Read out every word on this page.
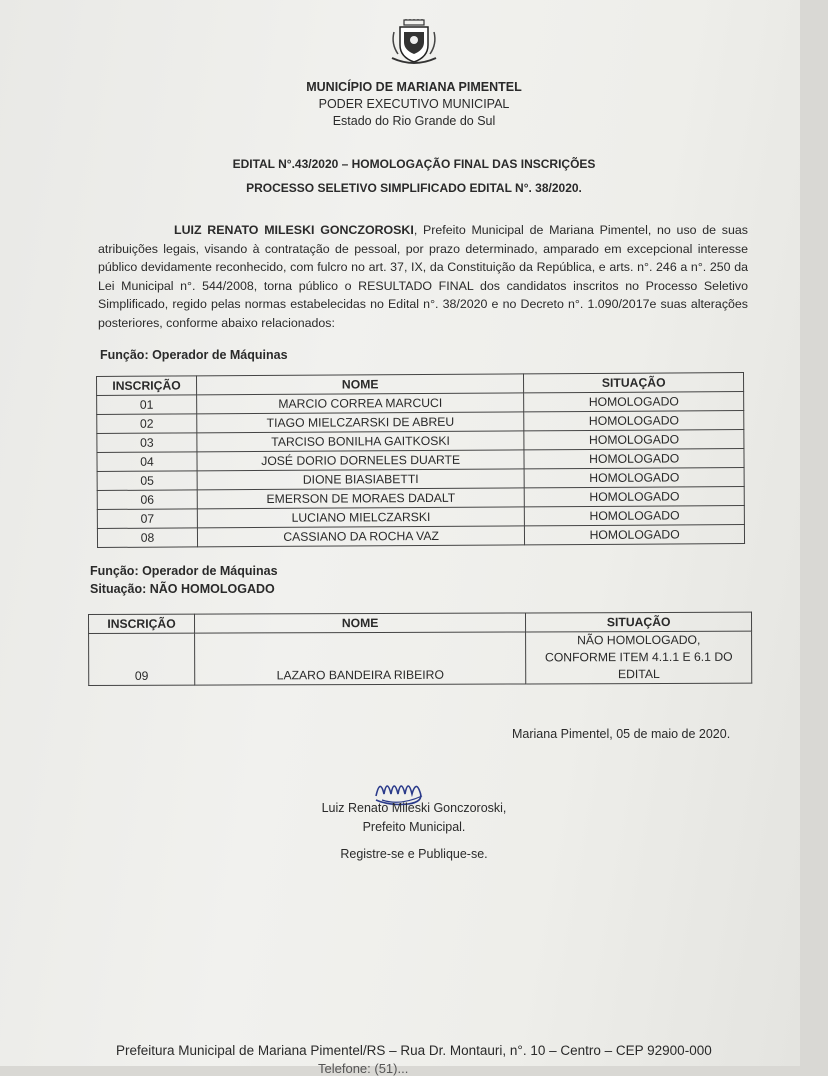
MUNICÍPIO DE MARIANA PIMENTEL
PODER EXECUTIVO MUNICIPAL
Estado do Rio Grande do Sul
EDITAL N°.43/2020 – HOMOLOGAÇÃO FINAL DAS INSCRIÇÕES
PROCESSO SELETIVO SIMPLIFICADO EDITAL N°. 38/2020.
LUIZ RENATO MILESKI GONCZOROSKI, Prefeito Municipal de Mariana Pimentel, no uso de suas atribuições legais, visando à contratação de pessoal, por prazo determinado, amparado em excepcional interesse público devidamente reconhecido, com fulcro no art. 37, IX, da Constituição da República, e arts. n°. 246 a n°. 250 da Lei Municipal n°. 544/2008, torna público o RESULTADO FINAL dos candidatos inscritos no Processo Seletivo Simplificado, regido pelas normas estabelecidas no Edital n°. 38/2020 e no Decreto n°. 1.090/2017e suas alterações posteriores, conforme abaixo relacionados:
Função: Operador de Máquinas
INSCRIÇÃO	NOME	SITUAÇÃO
01	MARCIO CORREA MARCUCI	HOMOLOGADO
02	TIAGO MIELCZARSKI DE ABREU	HOMOLOGADO
03	TARCISO BONILHA GAITKOSKI	HOMOLOGADO
04	JOSÉ DORIO DORNELES DUARTE	HOMOLOGADO
05	DIONE BIASIABETTI	HOMOLOGADO
06	EMERSON DE MORAES DADALT	HOMOLOGADO
07	LUCIANO MIELCZARSKI	HOMOLOGADO
08	CASSIANO DA ROCHA VAZ	HOMOLOGADO
Função: Operador de Máquinas
Situação: NÃO HOMOLOGADO
INSCRIÇÃO	NOME	SITUAÇÃO
09	LAZARO BANDEIRA RIBEIRO	NÃO HOMOLOGADO,
CONFORME ITEM 4.1.1 E 6.1 DO
EDITAL
Mariana Pimentel, 05 de maio de 2020.
Luiz Renato Mileski Gonczoroski,
Prefeito Municipal.
Registre-se e Publique-se.
Prefeitura Municipal de Mariana Pimentel/RS – Rua Dr. Montauri, n°. 10 – Centro – CEP 92900-000
Telefone: (51)...
